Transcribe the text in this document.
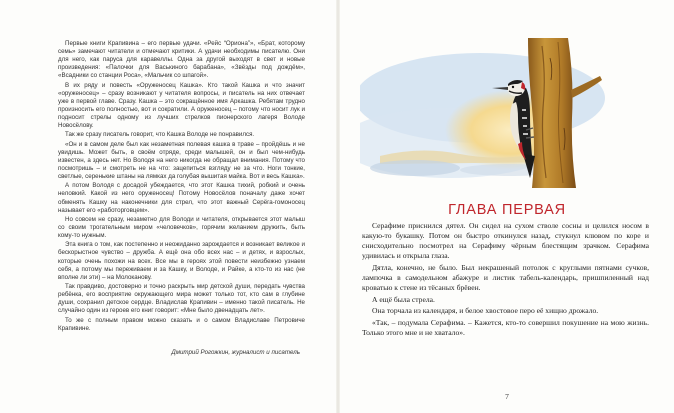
Первые книги Крапивина – его первые удачи. «Рейс “Ориона”», «Брат, которому семь» замечают читатели и отмечают критики. А удачи необходимы писателю. Они для него, как паруса для каравеллы. Одна за другой выходят в свет и новые произведения: «Палочки для Васькиного барабана», «Звёзды под дождём», «Всадники со станции Роса», «Мальчик со шпагой».

В их ряду и повесть «Оруженосец Кашка». Кто такой Кашка и что значит «оруженосец» – сразу возникают у читателя вопросы, и писатель на них отвечает уже в первой главе. Сразу. Кашка – это сокращённое имя Аркашка. Ребятам трудно произносить его полностью, вот и сократили. А оруженосец – потому что носит лук и подносит стрелы одному из лучших стрелков пионерского лагеря Володе Новосёлову.

Так же сразу писатель говорит, что Кашка Володе не понравился.

«Он и в самом деле был как незаметная полевая кашка в траве – пройдёшь и не увидишь. Может быть, в своём отряде, среди малышей, он и был чем-нибудь известен, а здесь нет. Но Володя на него никогда не обращал внимания. Потому что посмотришь – и смотреть не на что: зацепиться взгляду не за что. Ноги тонкие, светлые, серенькие штаны на лямках да голубая вышитая майка. Вот и весь Кашка».

А потом Володя с досадой убеждается, что этот Кашка тихий, робкий и очень неловкий. Какой из него оруженосец! Потому Новосёлов поначалу даже хочет обменять Кашку на наконечники для стрел, что этот важный Серёга-гомоносец называет его «работорговцем».

Но совсем не сразу, незаметно для Володи и читателя, открывается этот малыш со своим трогательным миром «человечков», горячим желанием дружить, быть кому-то нужным.

Эта книга о том, как постепенно и неожиданно зарождается и возникает великое и бескорыстное чувство – дружба. А ещё она обо всех нас – и детях, и взрослых, которые очень похожи на всех. Все мы в героях этой повести неизбежно узнаем себя, а потому мы переживаем и за Кашку, и Володе, и Райке, а кто-то из нас (не вполне ли эти) – на Молоканову.

Так правдиво, достоверно и точно раскрыть мир детской души, передать чувства ребёнка, его восприятие окружающего мира может только тот, кто сам в глубине души, сохранил детское сердце. Владислав Крапивин – именно такой писатель. Не случайно один из героев его книг говорит: «Мне было двенадцать лет».

То же с полным правом можно сказать и о самом Владиславе Петровиче Крапивине.

Дмитрий Рогожкин, журналист и писатель
ГЛАВА ПЕРВАЯ

Серафиме приснился дятел. Он сидел на сухом стволе сосны и целился носом в какую-то букашку. Потом он быстро откинулся назад, стукнул клювом по коре и снисходительно посмотрел на Серафиму чёрным блестящим зрачком. Серафима удивилась и открыла глаза.

Дятла, конечно, не было. Был некрашеный потолок с круглыми пятнами сучков, лампочка в самодельном абажуре и листик табель-календарь, пришпиленный над кроватью к стене из тёсаных брёвен.

А ещё была стрела.

Она торчала из календаря, и белое хвостовое перо её хищно дрожало.

«Так, – подумала Серафима. – Кажется, кто-то совершил покушение на мою жизнь. Только этого мне и не хватало».

7
